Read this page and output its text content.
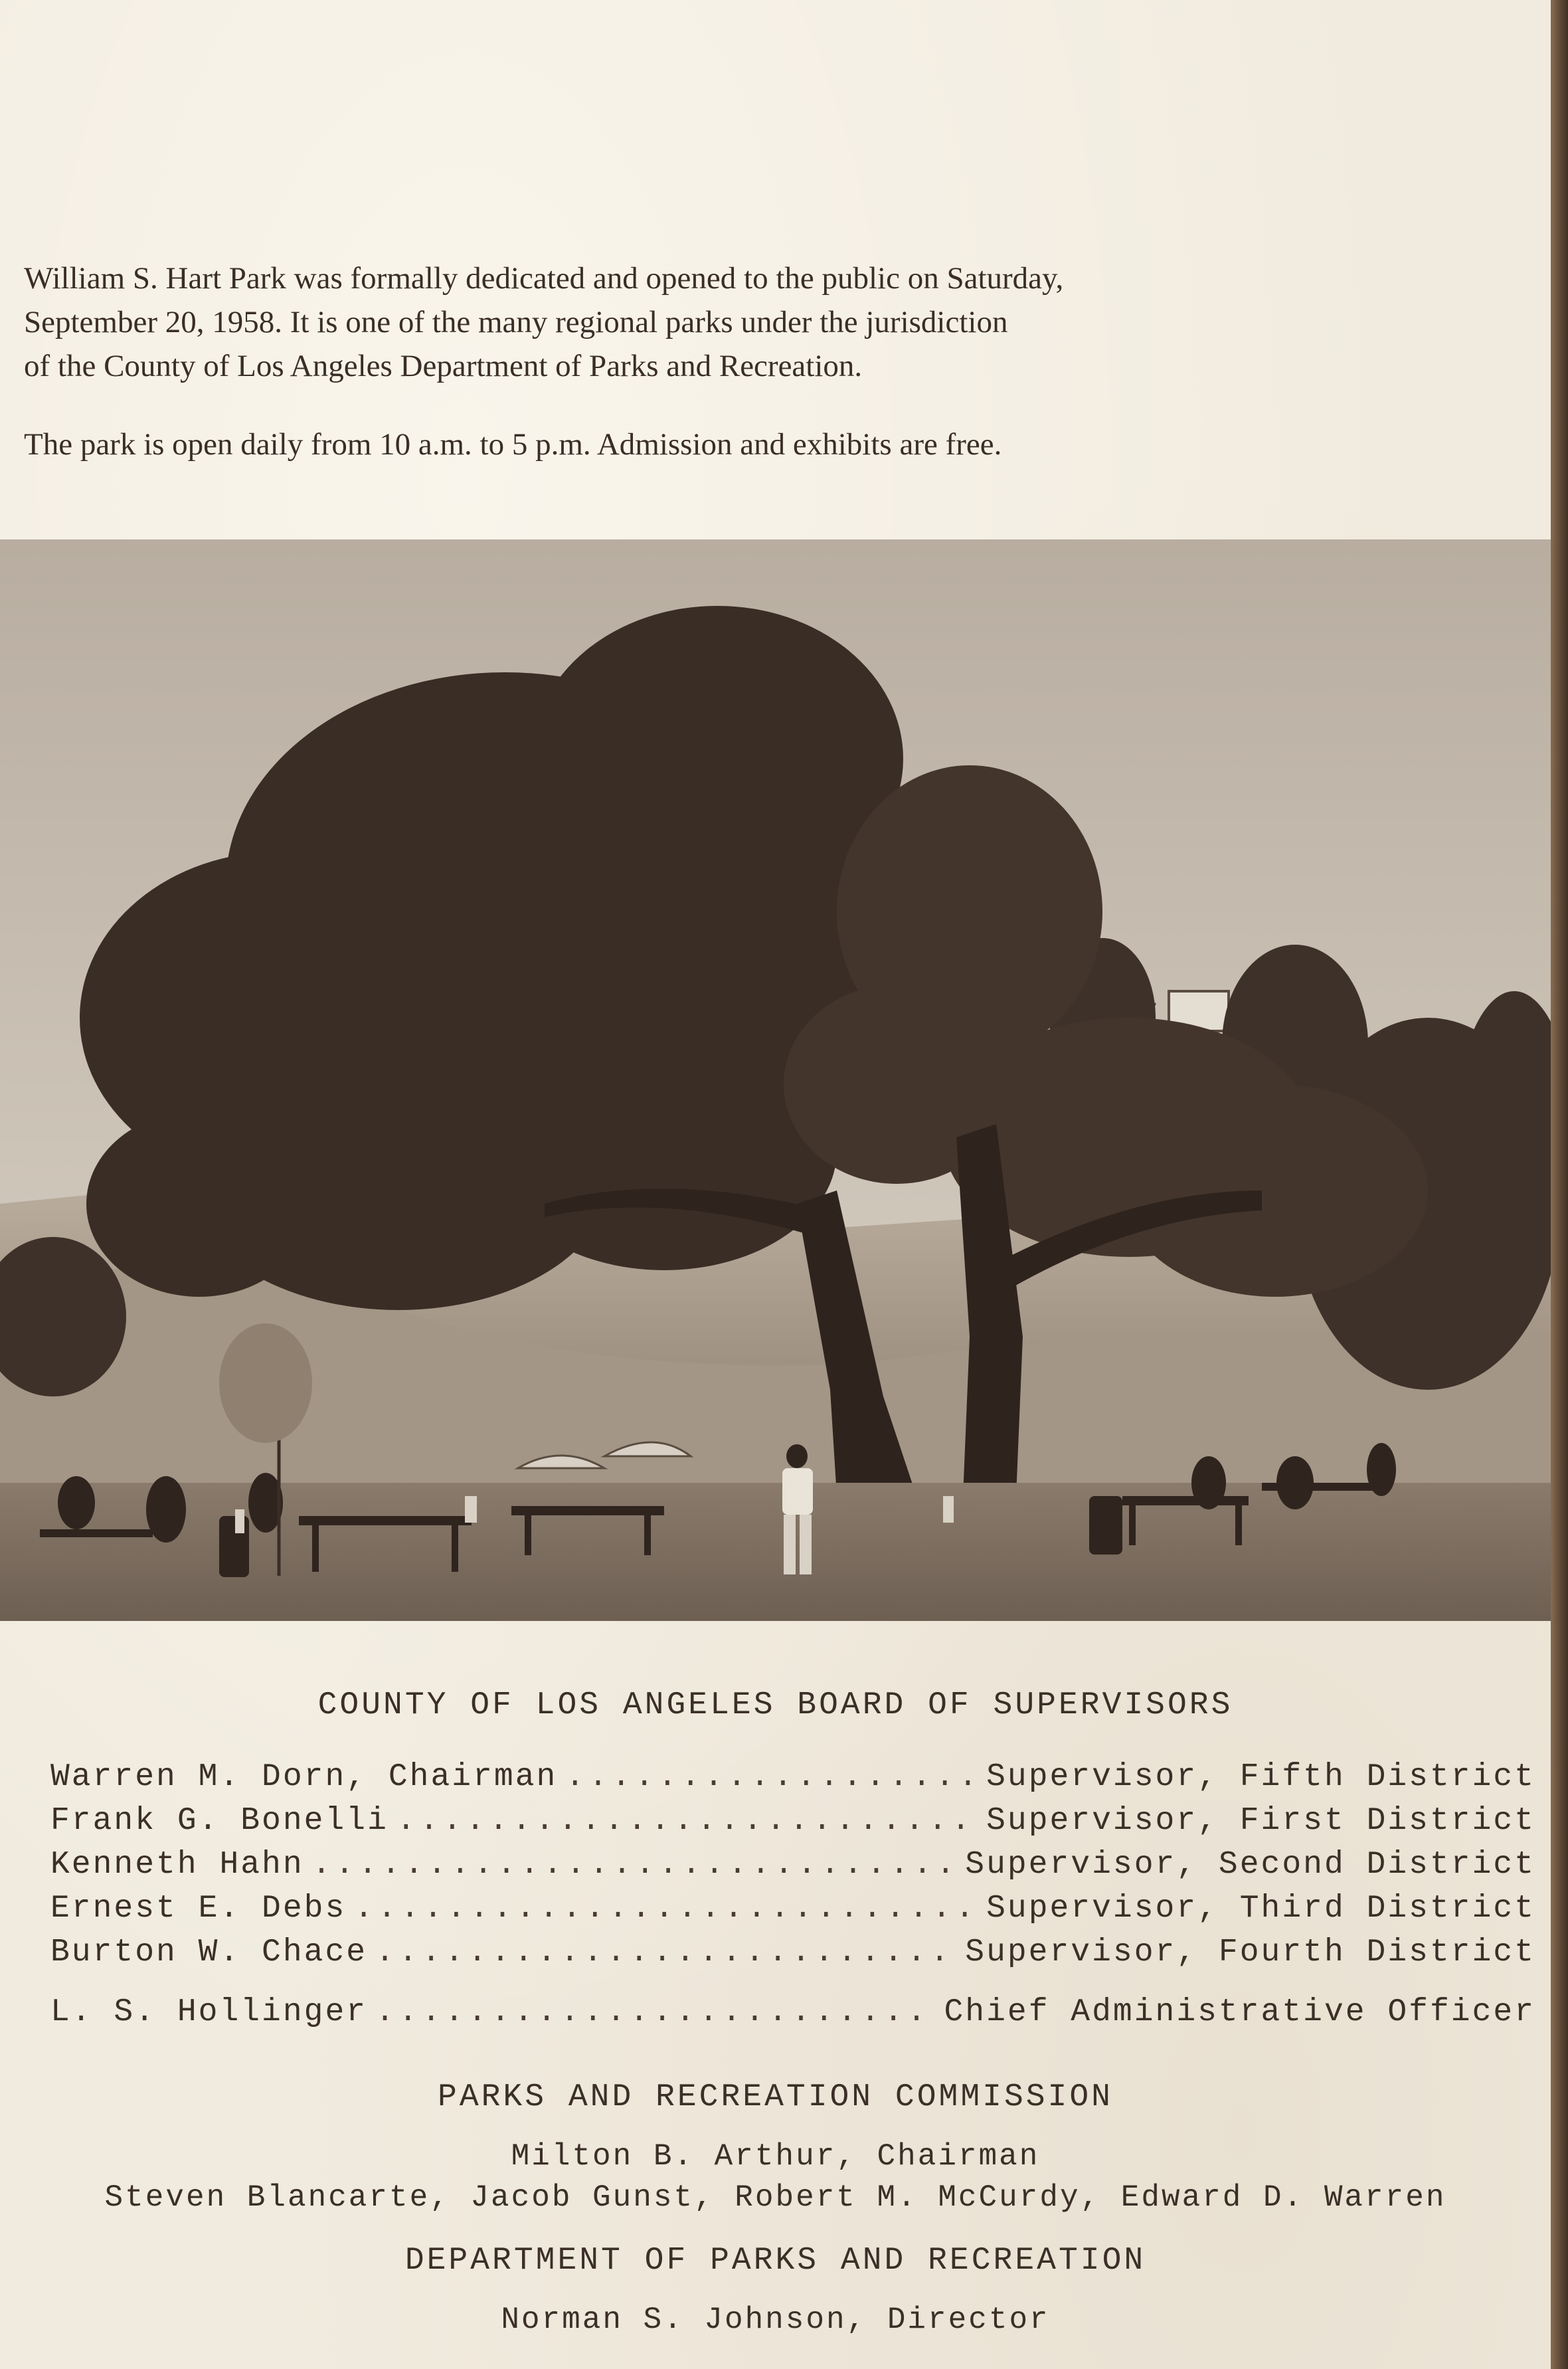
William S. Hart Park was formally dedicated and opened to the public on Saturday,
September 20, 1958. It is one of the many regional parks under the jurisdiction
of the County of Los Angeles Department of Parks and Recreation.

The park is open daily from 10 a.m. to 5 p.m. Admission and exhibits are free.

COUNTY OF LOS ANGELES BOARD OF SUPERVISORS
Warren M. Dorn, Chairman .....	Supervisor, Fifth District
Frank G. Bonelli .....	Supervisor, First District
Kenneth Hahn .....	Supervisor, Second District
Ernest E. Debs .....	Supervisor, Third District
Burton W. Chace .....	Supervisor, Fourth District
L. S. Hollinger .....	Chief Administrative Officer
PARKS AND RECREATION COMMISSION
Milton B. Arthur, Chairman
Steven Blancarte, Jacob Gunst, Robert M. McCurdy, Edward D. Warren
DEPARTMENT OF PARKS AND RECREATION
Norman S. Johnson, Director
